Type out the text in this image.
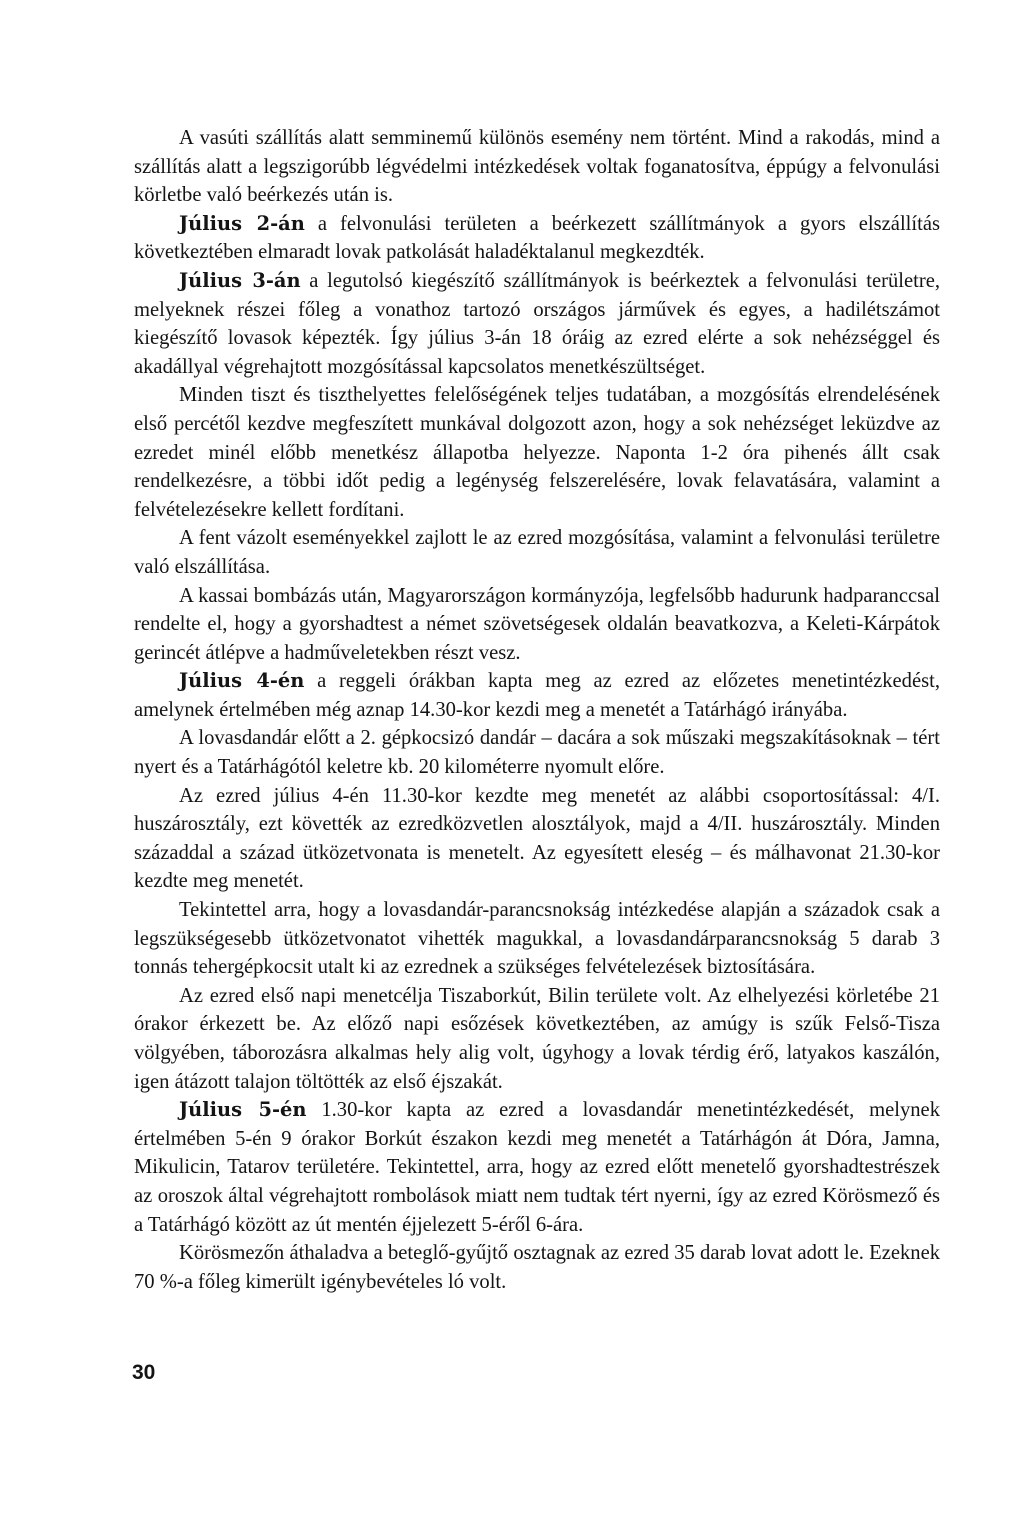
A vasúti szállítás alatt semminemű különös esemény nem történt. Mind a rakodás, mind a szállítás alatt a legszigorúbb légvédelmi intézkedések voltak foganatosítva, éppúgy a felvonulási körletbe való beérkezés után is.

Július 2-án a felvonulási területen a beérkezett szállítmányok a gyors elszállítás következtében elmaradt lovak patkolását haladéktalanul megkezdték.

Július 3-án a legutolsó kiegészítő szállítmányok is beérkeztek a felvonulási területre, melyeknek részei főleg a vonathoz tartozó országos járművek és egyes, a hadilétszámot kiegészítő lovasok képezték. Így július 3-án 18 óráig az ezred elérte a sok nehézséggel és akadállyal végrehajtott mozgósítással kapcsolatos menetkészültséget.

Minden tiszt és tiszthelyettes felelőségének teljes tudatában, a mozgósítás elrendelésének első percétől kezdve megfeszített munkával dolgozott azon, hogy a sok nehézséget leküzdve az ezredet minél előbb menetkész állapotba helyezze. Naponta 1-2 óra pihenés állt csak rendelkezésre, a többi időt pedig a legénység felszerelésére, lovak felavatására, valamint a felvételezésekre kellett fordítani.

A fent vázolt eseményekkel zajlott le az ezred mozgósítása, valamint a felvonulási területre való elszállítása.

A kassai bombázás után, Magyarországon kormányzója, legfelsőbb hadurunk hadparanccsal rendelte el, hogy a gyorshadtest a német szövetségesek oldalán beavatkozva, a Keleti-Kárpátok gerincét átlépve a hadműveletekben részt vesz.

Július 4-én a reggeli órákban kapta meg az ezred az előzetes menetintézkedést, amelynek értelmében még aznap 14.30-kor kezdi meg a menetét a Tatárhágó irányába.

A lovasdandár előtt a 2. gépkocsizó dandár – dacára a sok műszaki megszakításoknak – tért nyert és a Tatárhágótól keletre kb. 20 kilométerre nyomult előre.

Az ezred július 4-én 11.30-kor kezdte meg menetét az alábbi csoportosítással: 4/I. huszárosztály, ezt követték az ezredközvetlen alosztályok, majd a 4/II. huszárosztály. Minden századdal a század ütközetvonata is menetelt. Az egyesített eleség – és málhavonat 21.30-kor kezdte meg menetét.

Tekintettel arra, hogy a lovasdandár-parancsnokság intézkedése alapján a századok csak a legszükségesebb ütközetvonatot vihették magukkal, a lovasdandárparancsnokság 5 darab 3 tonnás tehergépkocsit utalt ki az ezrednek a szükséges felvételezések biztosítására.

Az ezred első napi menetcélja Tiszaborkút, Bilin területe volt. Az elhelyezési körletébe 21 órakor érkezett be. Az előző napi esőzések következtében, az amúgy is szűk Felső-Tisza völgyében, táborozásra alkalmas hely alig volt, úgyhogy a lovak térdig érő, latyakos kaszálón, igen átázott talajon töltötték az első éjszakát.

Július 5-én 1.30-kor kapta az ezred a lovasdandár menetintézkedését, melynek értelmében 5-én 9 órakor Borkút északon kezdi meg menetét a Tatárhágón át Dóra, Jamna, Mikulicin, Tatarov területére. Tekintettel, arra, hogy az ezred előtt menetelő gyorshadtestrészek az oroszok által végrehajtott rombolások miatt nem tudtak tért nyerni, így az ezred Körösmező és a Tatárhágó között az út mentén éjjelezett 5-éről 6-ára.

Körösmezőn áthaladva a beteglő-gyűjtő osztagnak az ezred 35 darab lovat adott le. Ezeknek 70 %-a főleg kimerült igénybevételes ló volt.

30
